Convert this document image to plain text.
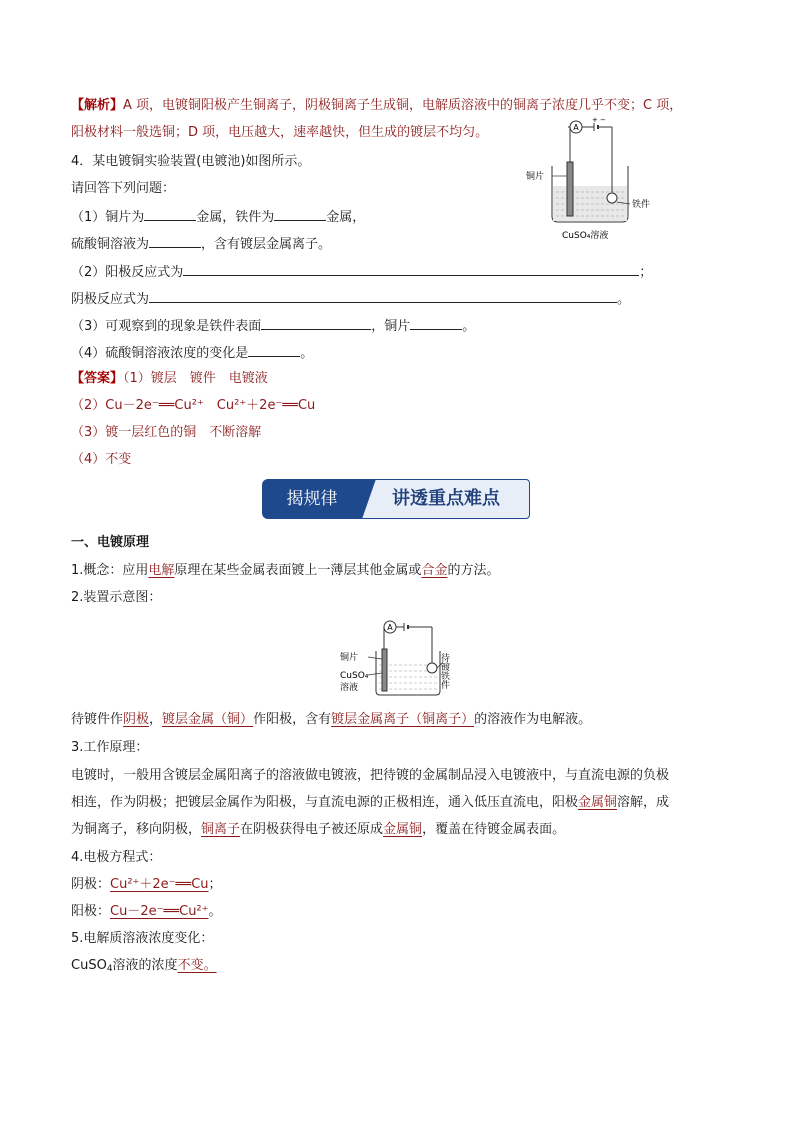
【解析】A 项，电镀铜阳极产生铜离子，阴极铜离子生成铜，电解质溶液中的铜离子浓度几乎不变；C 项，
阳极材料一般选铜；D 项，电压越大，速率越快，但生成的镀层不均匀。
4．某电镀铜实验装置(电镀池)如图所示。
请回答下列问题：
（1）铜片为	金属，铁件为	金属，
硫酸铜溶液为	，含有镀层金属离子。
（2）阳极反应式为	；
阴极反应式为	。
（3）可观察到的现象是铁件表面	，铜片	。
（4）硫酸铜溶液浓度的变化是	。
A
+ −
铜片
铁件
CuSO₄溶液
【答案】（1）镀层　镀件　电镀液
（2）Cu－2e⁻══Cu²⁺　 Cu²⁺＋2e⁻══Cu
（3）镀一层红色的铜　不断溶解
（4）不变
讲透重点难点
揭规律
一、电镀原理
1.概念：应用电解原理在某些金属表面镀上一薄层其他金属或合金的方法。
2.装置示意图：
A
铜片
CuSO₄
溶液	待镀铁件
待镀件作阴极，镀层金属（铜）作阳极，含有镀层金属离子（铜离子）的溶液作为电解液。
3.工作原理：
电镀时，一般用含镀层金属阳离子的溶液做电镀液，把待镀的金属制品浸入电镀液中，与直流电源的负极
相连，作为阴极；把镀层金属作为阳极，与直流电源的正极相连，通入低压直流电，阳极金属铜溶解，成
为铜离子，移向阴极，铜离子在阴极获得电子被还原成金属铜，覆盖在待镀金属表面。
4.电极方程式：
阴极：Cu²⁺＋2e⁻══Cu；
阳极：Cu－2e⁻══Cu²⁺。
5.电解质溶液浓度变化：
CuSO$_4$溶液的浓度不变。
